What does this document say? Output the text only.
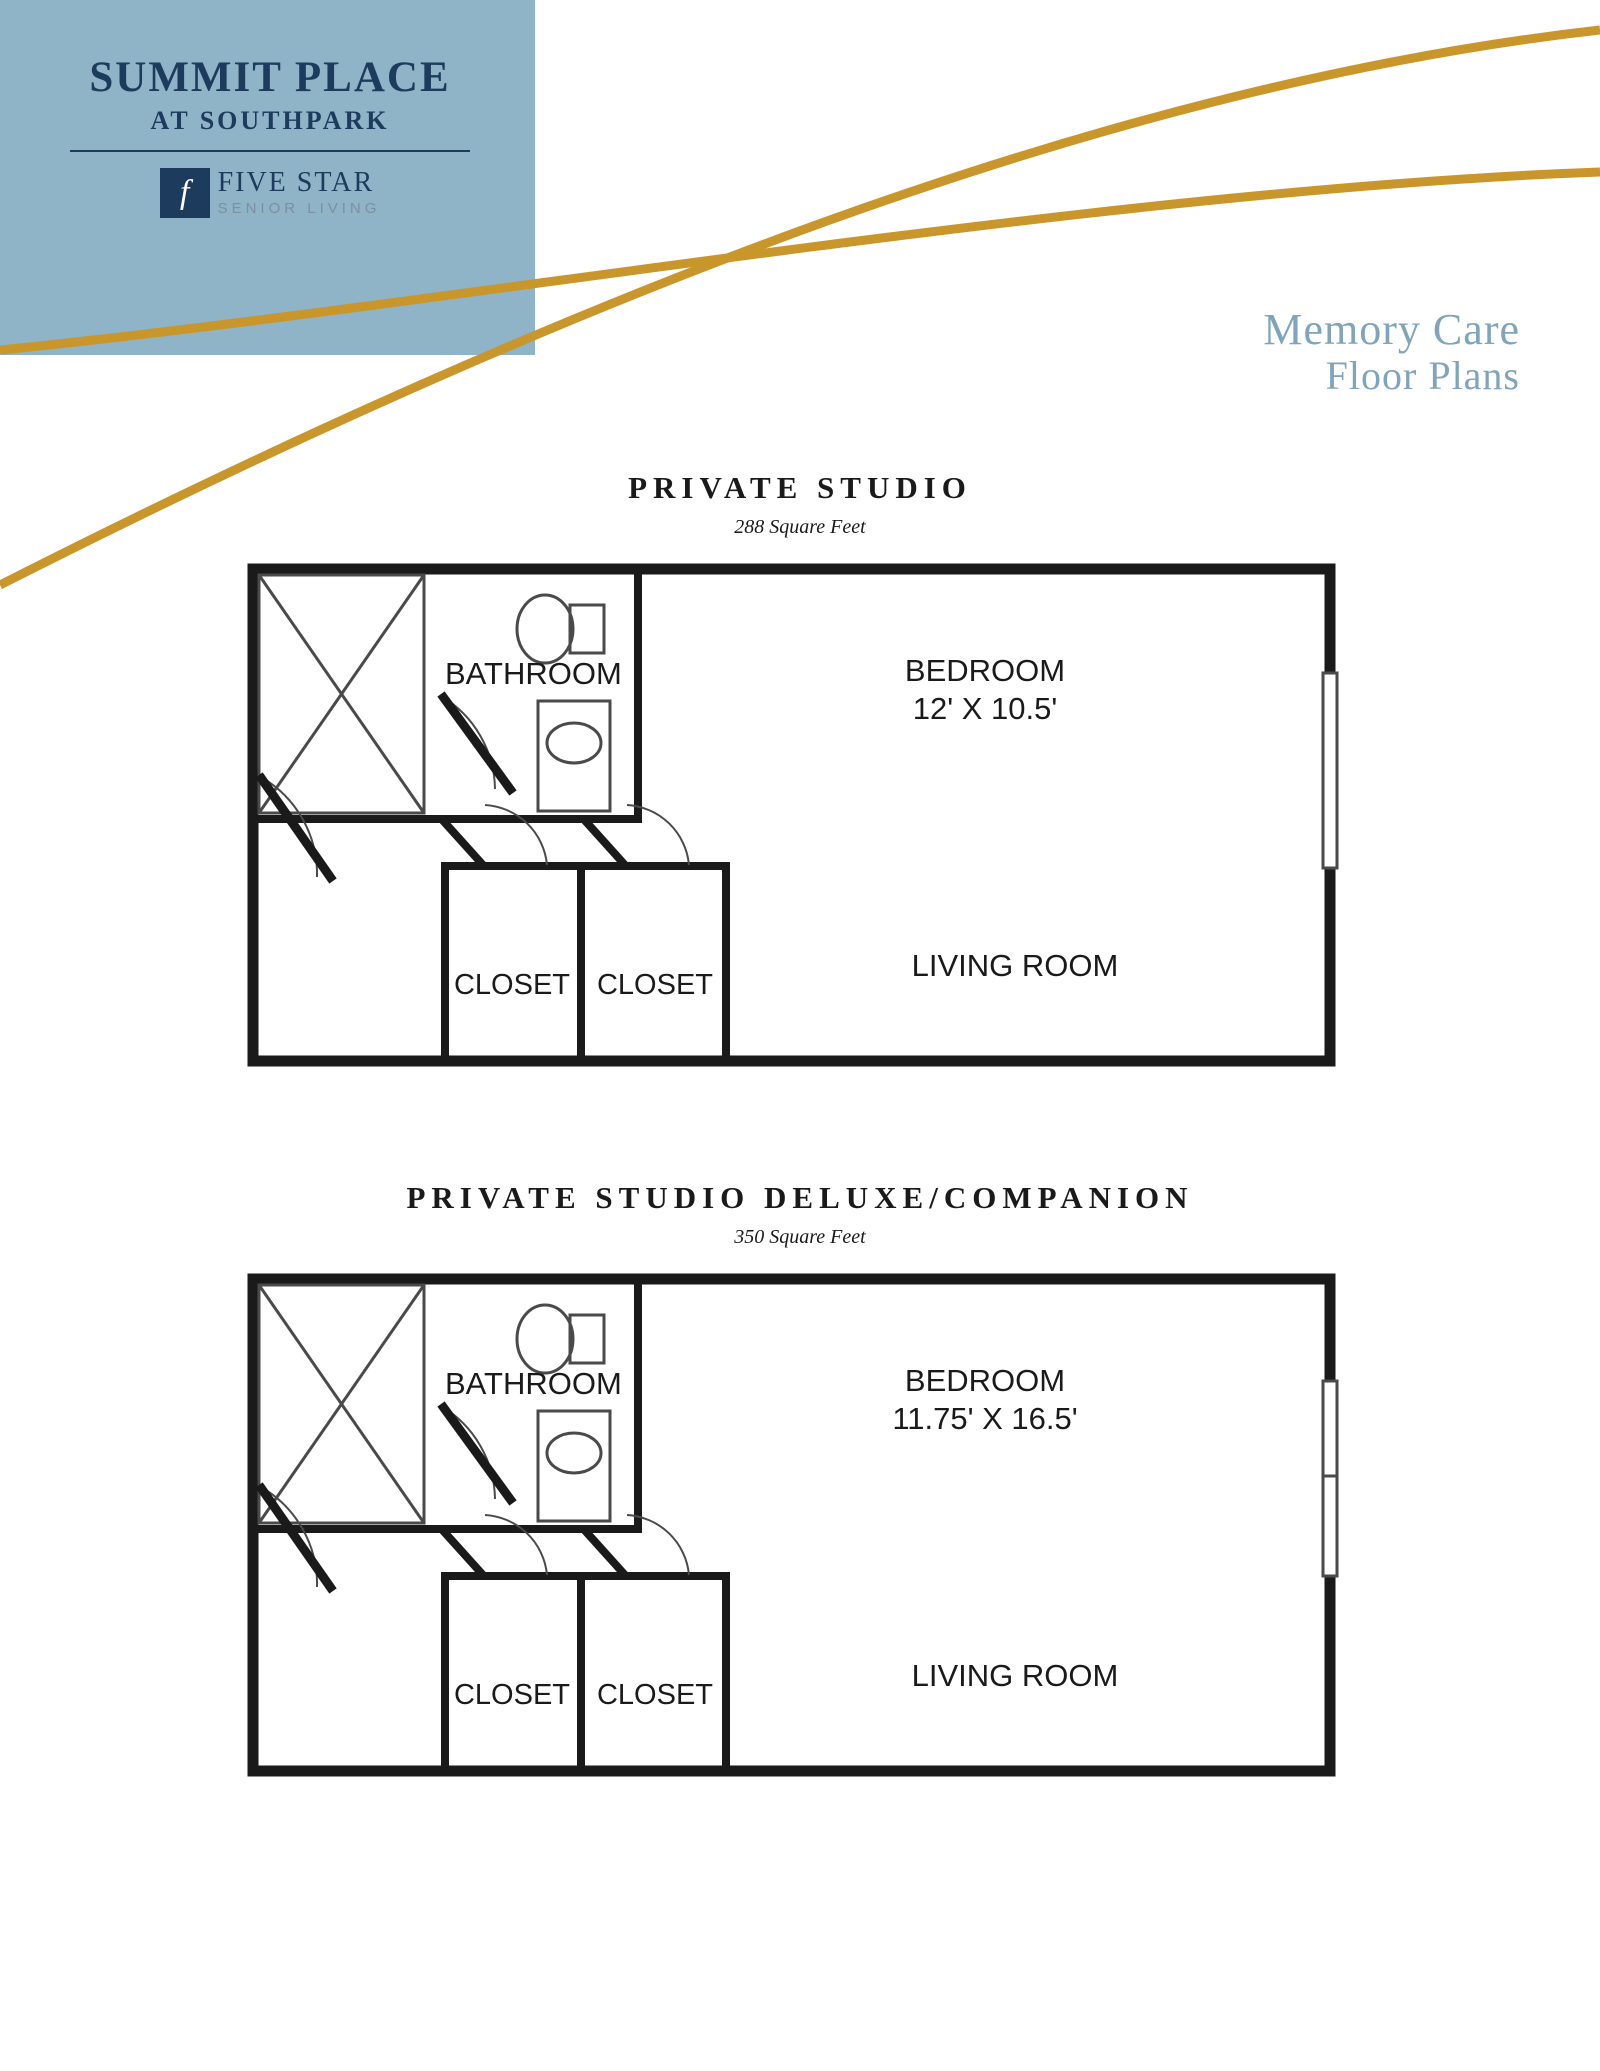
SUMMIT PLACE
AT SOUTHPARK
f	FIVE STAR
SENIOR LIVING
Memory Care
Floor Plans
PRIVATE STUDIO
288 Square Feet
BATHROOM	BEDROOM
12' X 10.5'
LIVING ROOM
CLOSET CLOSET
PRIVATE STUDIO DELUXE/COMPANION
350 Square Feet
BATHROOM	BEDROOM
11.75' X 16.5'
LIVING ROOM
CLOSET CLOSET
